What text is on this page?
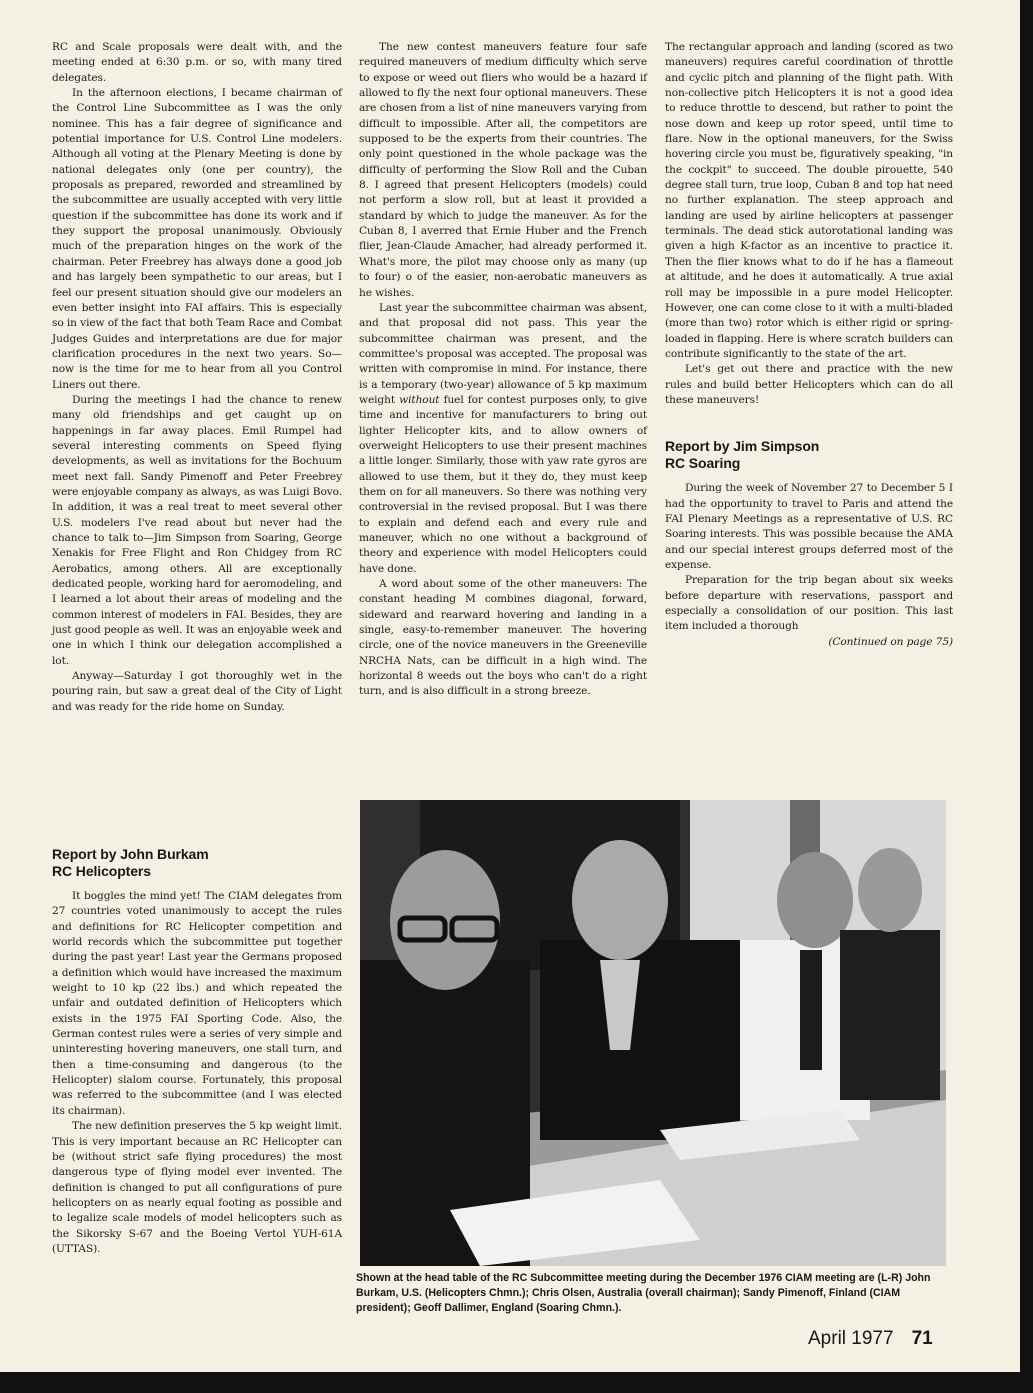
RC and Scale proposals were dealt with, and the meeting ended at 6:30 p.m. or so, with many tired delegates.

In the afternoon elections, I became chairman of the Control Line Subcommittee as I was the only nominee. This has a fair degree of significance and potential importance for U.S. Control Line modelers. Although all voting at the Plenary Meeting is done by national delegates only (one per country), the proposals as prepared, reworded and streamlined by the subcommittee are usually accepted with very little question if the subcommittee has done its work and if they support the proposal unanimously. Obviously much of the preparation hinges on the work of the chairman. Peter Freebrey has always done a good job and has largely been sympathetic to our areas, but I feel our present situation should give our modelers an even better insight into FAI affairs. This is especially so in view of the fact that both Team Race and Combat Judges Guides and interpretations are due for major clarification procedures in the next two years. So—now is the time for me to hear from all you Control Liners out there.

During the meetings I had the chance to renew many old friendships and get caught up on happenings in far away places. Emil Rumpel had several interesting comments on Speed flying developments, as well as invitations for the Bochuum meet next fall. Sandy Pimenoff and Peter Freebrey were enjoyable company as always, as was Luigi Bovo. In addition, it was a real treat to meet several other U.S. modelers I've read about but never had the chance to talk to—Jim Simpson from Soaring, George Xenakis for Free Flight and Ron Chidgey from RC Aerobatics, among others. All are exceptionally dedicated people, working hard for aeromodeling, and I learned a lot about their areas of modeling and the common interest of modelers in FAI. Besides, they are just good people as well. It was an enjoyable week and one in which I think our delegation accomplished a lot.

Anyway—Saturday I got thoroughly wet in the pouring rain, but saw a great deal of the City of Light and was ready for the ride home on Sunday.

Report by John Burkam
RC Helicopters

It boggles the mind yet! The CIAM delegates from 27 countries voted unanimously to accept the rules and definitions for RC Helicopter competition and world records which the subcommittee put together during the past year! Last year the Germans proposed a definition which would have increased the maximum weight to 10 kp (22 lbs.) and which repeated the unfair and outdated definition of Helicopters which exists in the 1975 FAI Sporting Code. Also, the German contest rules were a series of very simple and uninteresting hovering maneuvers, one stall turn, and then a time-consuming and dangerous (to the Helicopter) slalom course. Fortunately, this proposal was referred to the subcommittee (and I was elected its chairman).

The new definition preserves the 5 kp weight limit. This is very important because an RC Helicopter can be (without strict safe flying procedures) the most dangerous type of flying model ever invented. The definition is changed to put all configurations of pure helicopters on as nearly equal footing as possible and to legalize scale models of model helicopters such as the Sikorsky S-67 and the Boeing Vertol YUH-61A (UTTAS).

The new contest maneuvers feature four safe required maneuvers of medium difficulty which serve to expose or weed out fliers who would be a hazard if allowed to fly the next four optional maneuvers. These are chosen from a list of nine maneuvers varying from difficult to impossible. After all, the competitors are supposed to be the experts from their countries. The only point questioned in the whole package was the difficulty of performing the Slow Roll and the Cuban 8. I agreed that present Helicopters (models) could not perform a slow roll, but at least it provided a standard by which to judge the maneuver. As for the Cuban 8, I averred that Ernie Huber and the French flier, Jean-Claude Amacher, had already performed it. What's more, the pilot may choose only as many (up to four) o of the easier, non-aerobatic maneuvers as he wishes.

Last year the subcommittee chairman was absent, and that proposal did not pass. This year the subcommittee chairman was present, and the committee's proposal was accepted. The proposal was written with compromise in mind. For instance, there is a temporary (two-year) allowance of 5 kp maximum weight without fuel for contest purposes only, to give time and incentive for manufacturers to bring out lighter Helicopter kits, and to allow owners of overweight Helicopters to use their present machines a little longer. Similarly, those with yaw rate gyros are allowed to use them, but it they do, they must keep them on for all maneuvers. So there was nothing very controversial in the revised proposal. But I was there to explain and defend each and every rule and maneuver, which no one without a background of theory and experience with model Helicopters could have done.

A word about some of the other maneuvers: The constant heading M combines diagonal, forward, sideward and rearward hovering and landing in a single, easy-to-remember maneuver. The hovering circle, one of the novice maneuvers in the Greeneville NRCHA Nats, can be difficult in a high wind. The horizontal 8 weeds out the boys who can't do a right turn, and is also difficult in a strong breeze.

The rectangular approach and landing (scored as two maneuvers) requires careful coordination of throttle and cyclic pitch and planning of the flight path. With non-collective pitch Helicopters it is not a good idea to reduce throttle to descend, but rather to point the nose down and keep up rotor speed, until time to flare. Now in the optional maneuvers, for the Swiss hovering circle you must be, figuratively speaking, "in the cockpit" to succeed. The double pirouette, 540 degree stall turn, true loop, Cuban 8 and top hat need no further explanation. The steep approach and landing are used by airline helicopters at passenger terminals. The dead stick autorotational landing was given a high K-factor as an incentive to practice it. Then the flier knows what to do if he has a flameout at altitude, and he does it automatically. A true axial roll may be impossible in a pure model Helicopter. However, one can come close to it with a multi-bladed (more than two) rotor which is either rigid or spring-loaded in flapping. Here is where scratch builders can contribute significantly to the state of the art.

Let's get out there and practice with the new rules and build better Helicopters which can do all these maneuvers!

Report by Jim Simpson
RC Soaring

During the week of November 27 to December 5 I had the opportunity to travel to Paris and attend the FAI Plenary Meetings as a representative of U.S. RC Soaring interests. This was possible because the AMA and our special interest groups deferred most of the expense.

Preparation for the trip began about six weeks before departure with reservations, passport and especially a consolidation of our position. This last item included a thorough

(Continued on page 75)

Shown at the head table of the RC Subcommittee meeting during the December 1976 CIAM meeting are (L-R) John Burkam, U.S. (Helicopters Chmn.); Chris Olsen, Australia (overall chairman); Sandy Pimenoff, Finland (CIAM president); Geoff Dallimer, England (Soaring Chmn.).
April 1977 71
